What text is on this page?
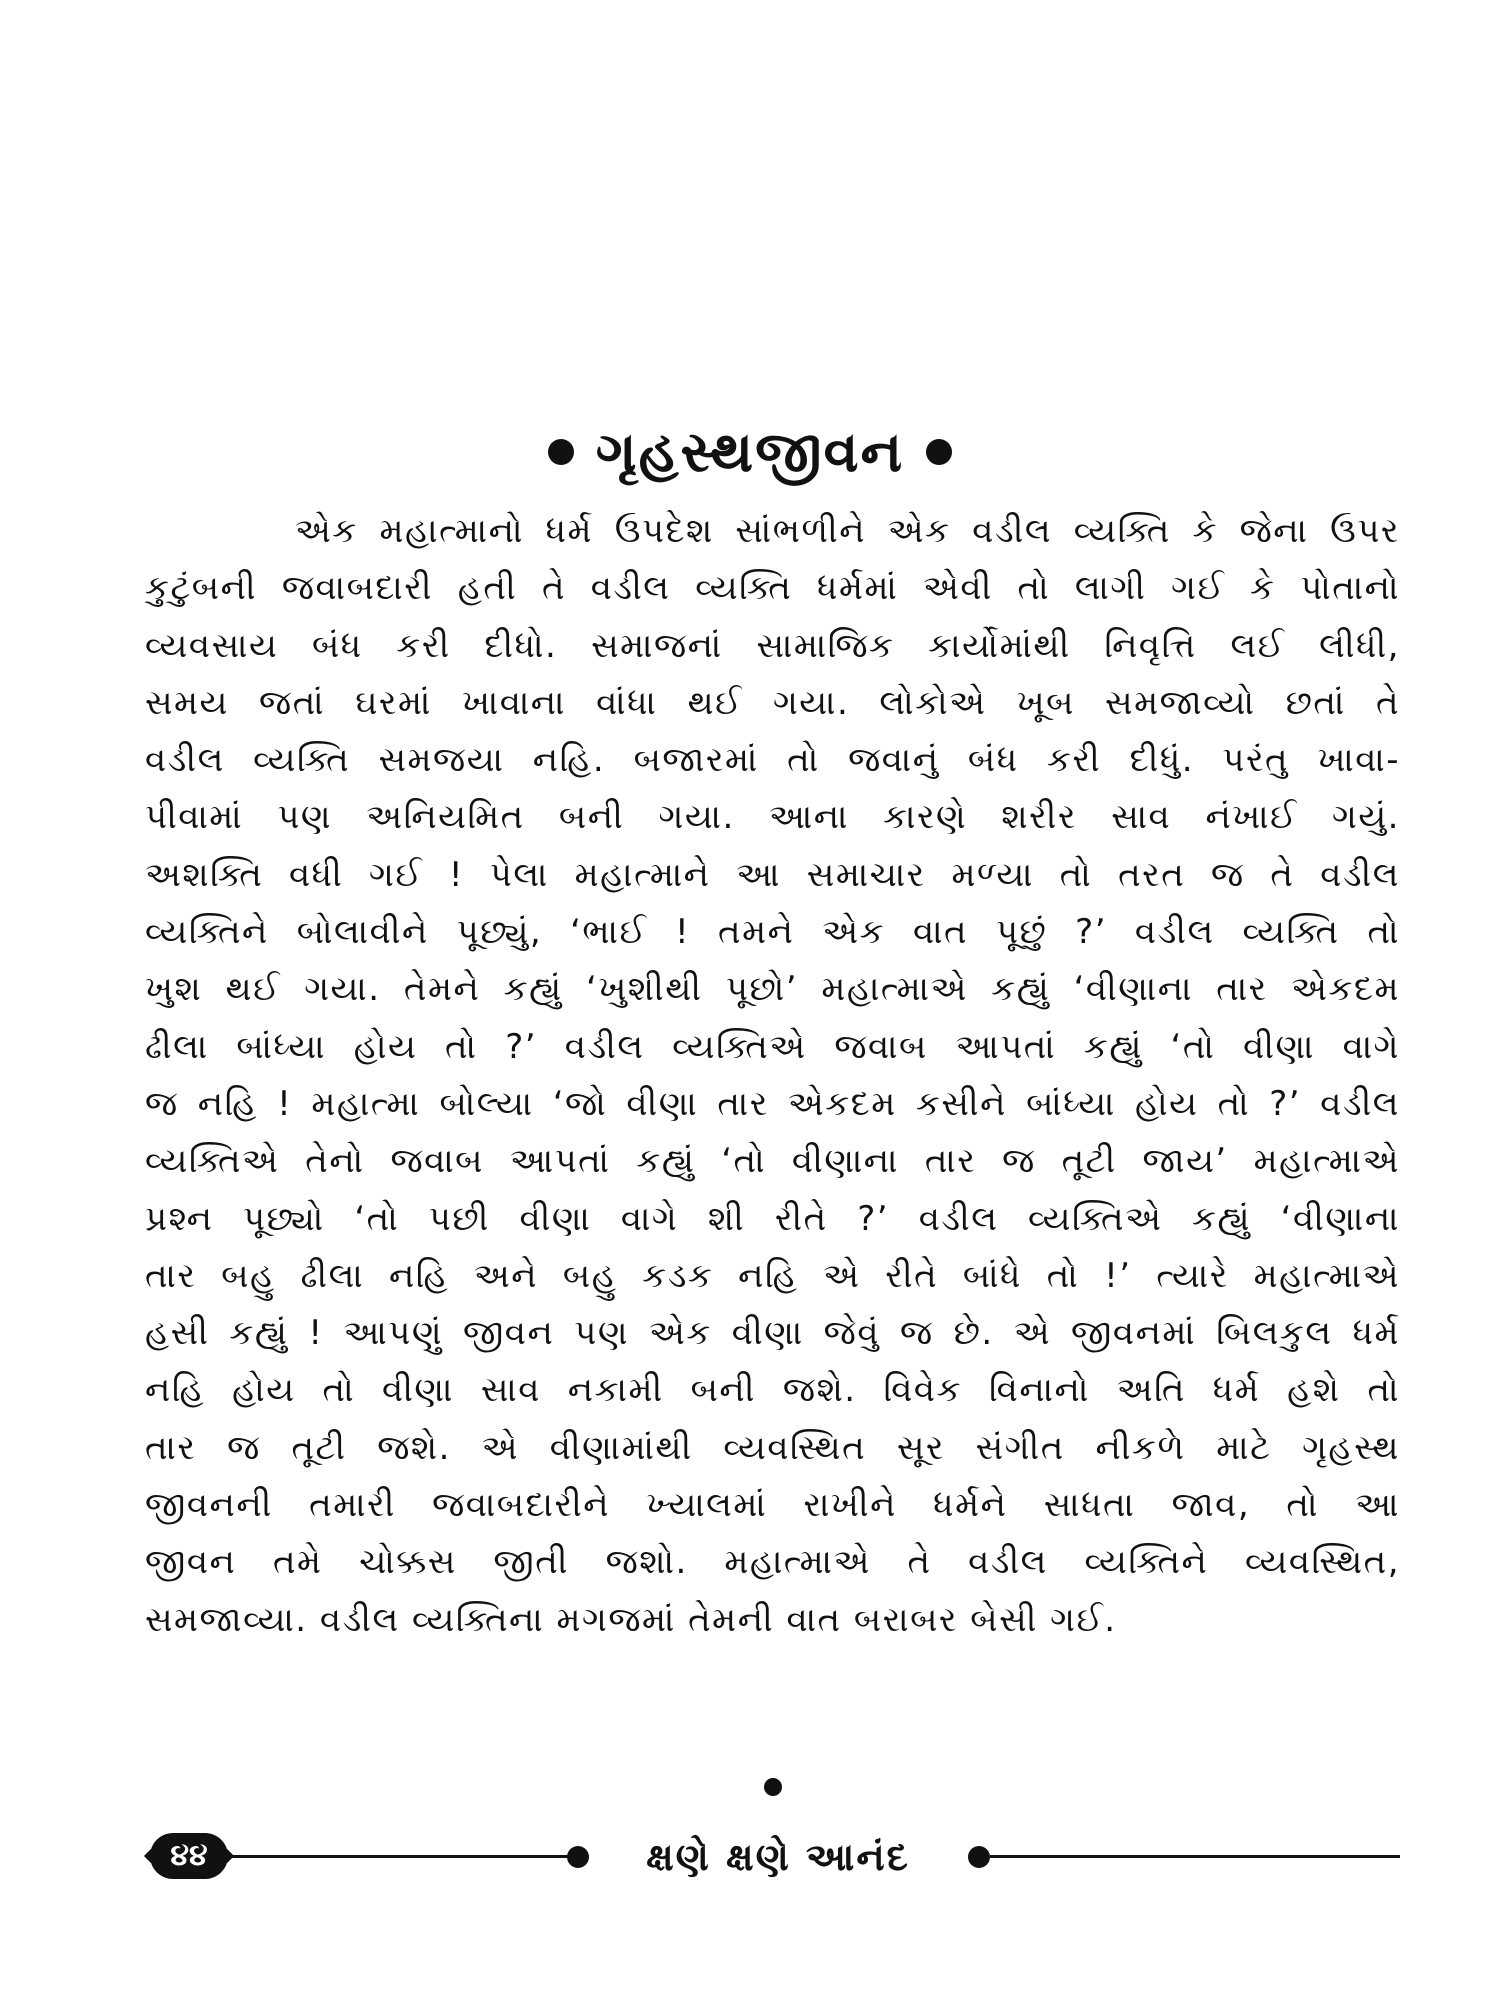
ગૃહસ્થજીવન
એક મહાત્માનો ધર્મ ઉપદેશ સાંભળીને એક વડીલ વ્યક્તિ કે જેના ઉપર
કુટુંબની જવાબદારી હતી તે વડીલ વ્યક્તિ ધર્મમાં એવી તો લાગી ગઈ કે પોતાનો
વ્યવસાય બંધ કરી દીધો. સમાજનાં સામાજિક કાર્યોમાંથી નિવૃત્તિ લઈ લીધી,
સમય જતાં ઘરમાં ખાવાના વાંધા થઈ ગયા. લોકોએ ખૂબ સમજાવ્યો છતાં તે
વડીલ વ્યક્તિ સમજયા નહિ. બજારમાં તો જવાનું બંધ કરી દીધું. પરંતુ ખાવા-
પીવામાં પણ અનિયમિત બની ગયા. આના કારણે શરીર સાવ નંખાઈ ગયું.
અશક્તિ વધી ગઈ ! પેલા મહાત્માને આ સમાચાર મળ્યા તો તરત જ તે વડીલ
વ્યક્તિને બોલાવીને પૂછ્યું, ‘ભાઈ ! તમને એક વાત પૂછું ?’ વડીલ વ્યક્તિ તો
ખુશ થઈ ગયા. તેમને કહ્યું ‘ખુશીથી પૂછો’ મહાત્માએ કહ્યું ‘વીણાના તાર એકદમ
ઢીલા બાંધ્યા હોય તો ?’ વડીલ વ્યક્તિએ જવાબ આપતાં કહ્યું ‘તો વીણા વાગે
જ નહિ ! મહાત્મા બોલ્યા ‘જો વીણા તાર એકદમ કસીને બાંધ્યા હોય તો ?’ વડીલ
વ્યક્તિએ તેનો જવાબ આપતાં કહ્યું ‘તો વીણાના તાર જ તૂટી જાય’ મહાત્માએ
પ્રશ્ન પૂછ્યો ‘તો પછી વીણા વાગે શી રીતે ?’ વડીલ વ્યક્તિએ કહ્યું ‘વીણાના
તાર બહુ ઢીલા નહિ અને બહુ કડક નહિ એ રીતે બાંધે તો !’ ત્યારે મહાત્માએ
હસી કહ્યું ! આપણું જીવન પણ એક વીણા જેવું જ છે. એ જીવનમાં બિલકુલ ધર્મ
નહિ હોય તો વીણા સાવ નકામી બની જશે. વિવેક વિનાનો અતિ ધર્મ હશે તો
તાર જ તૂટી જશે. એ વીણામાંથી વ્યવસ્થિત સૂર સંગીત નીકળે માટે ગૃહસ્થ
જીવનની તમારી જવાબદારીને ખ્યાલમાં રાખીને ધર્મને સાધતા જાવ, તો આ
જીવન તમે ચોક્કસ જીતી જશો. મહાત્માએ તે વડીલ વ્યક્તિને વ્યવસ્થિત,
સમજાવ્યા. વડીલ વ્યક્તિના મગજમાં તેમની વાત બરાબર બેસી ગઈ.
૪૪	ક્ષણે ક્ષણે આનંદ
